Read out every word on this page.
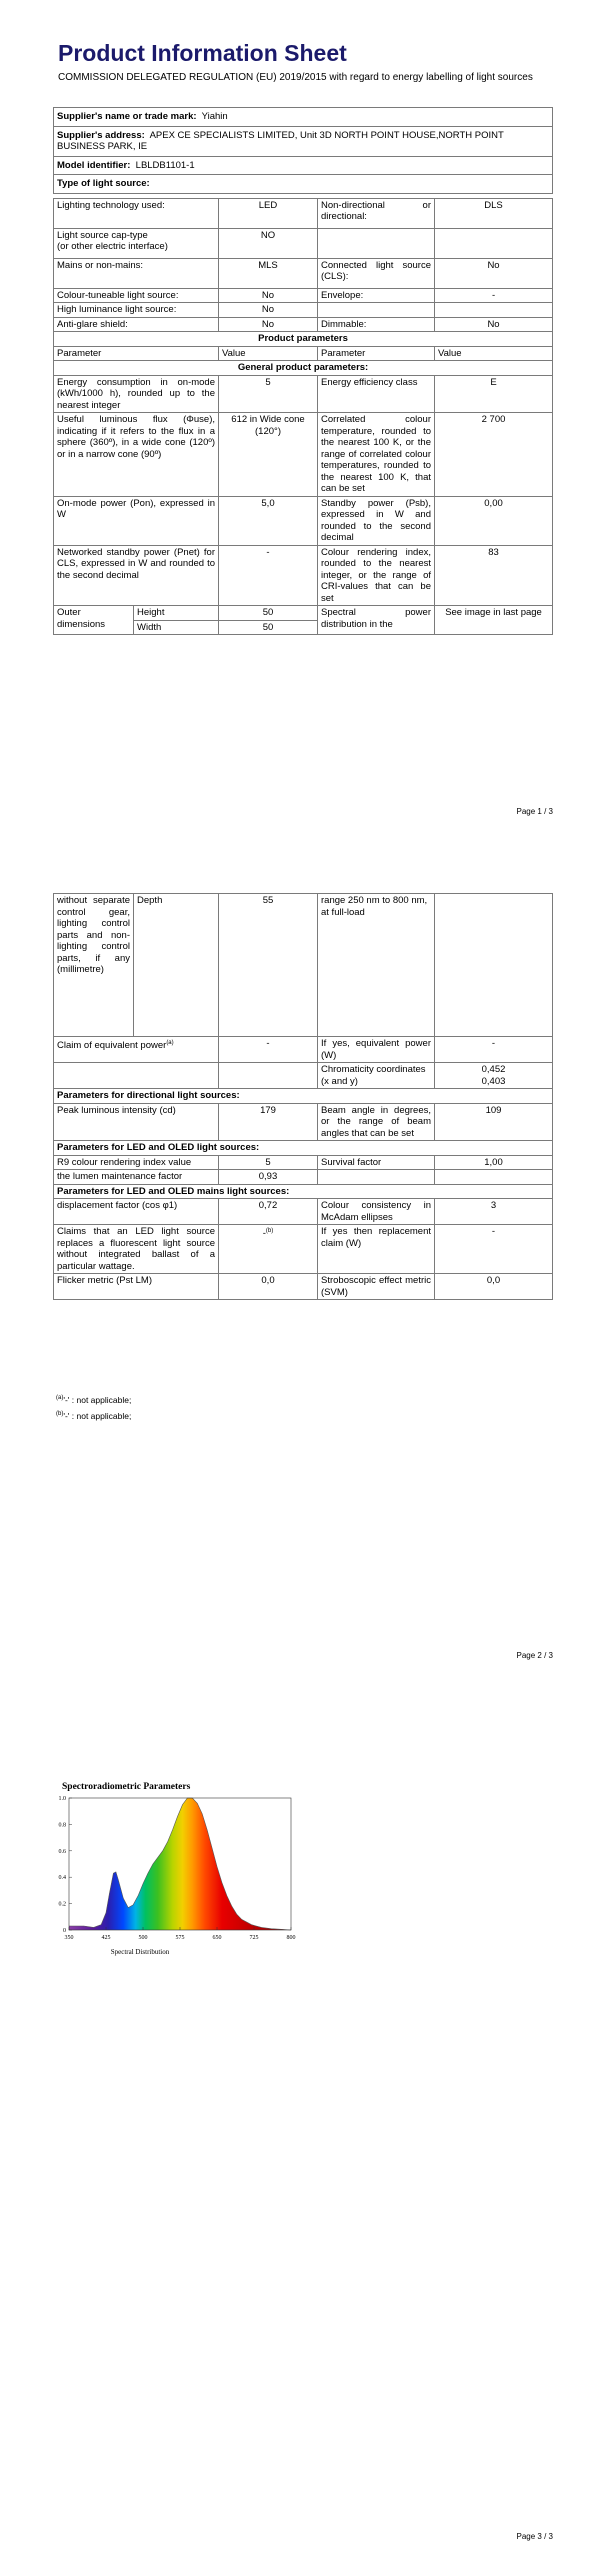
Product Information Sheet
COMMISSION DELEGATED REGULATION (EU) 2019/2015 with regard to energy labelling of light sources
Supplier's name or trade mark: Yiahin				
Supplier's address: APEX CE SPECIALISTS LIMITED, Unit 3D NORTH POINT HOUSE,NORTH POINT BUSINESS PARK, IE				
Model identifier: LBLDB1101-1				
Type of light source:				

Lighting technology used:		LED	Non-directional or directional:	DLS
Light source cap-type
(or other electric interface)		NO		
Mains or non-mains:		MLS	Connected light source (CLS):	No
Colour-tuneable light source:		No	Envelope:	-
High luminance light source:		No		
Anti-glare shield:		No	Dimmable:	No
Product parameters				
Parameter		Value	Parameter	Value
General product parameters:				
Energy consumption in on-mode (kWh/1000 h), rounded up to the nearest integer		5	Energy efficiency class	E
Useful luminous flux (Φuse), indicating if it refers to the flux in a sphere (360º), in a wide cone (120º) or in a narrow cone (90º)		612 in Wide cone (120°)	Correlated colour temperature, rounded to the nearest 100 K, or the range of correlated colour temperatures, rounded to the nearest 100 K, that can be set	2 700
On-mode power (Pon), expressed in W		5,0	Standby power (Psb), expressed in W and rounded to the second decimal	0,00
Networked standby power (Pnet) for CLS, expressed in W and rounded to the second decimal		-	Colour rendering index, rounded to the nearest integer, or the range of CRI-values that can be set	83
Outer dimensions	Height	50	Spectral power distribution in the	See image in last page
	Width	50		
Page 1 / 3
without separate control gear, lighting control parts and non-lighting control parts, if any (millimetre)	Depth	55	range 250 nm to 800 nm, at full-load	
Claim of equivalent power$^{(a)}$		-	If yes, equivalent power (W)	-
			Chromaticity coordinates (x and y)	0,452
0,403

Parameters for directional light sources:				
Peak luminous intensity (cd)		179	Beam angle in degrees, or the range of beam angles that can be set	109
Parameters for LED and OLED light sources:				
R9 colour rendering index value		5	Survival factor	1,00
the lumen maintenance factor		0,93		
Parameters for LED and OLED mains light sources:				
displacement factor (cos φ1)		0,72	Colour consistency in McAdam ellipses	3
Claims that an LED light source replaces a fluorescent light source without integrated ballast of a particular wattage.		-$^{(b)}$	If yes then replacement claim (W)	-
Flicker metric (Pst LM)		0,0	Stroboscopic effect metric (SVM)	0,0
$^{(a)}$'-' : not applicable;
$^{(b)}$'-' : not applicable;
Page 2 / 3
Spectroradiometric Parameters
350	425	500	575	650	725	800
0
0.2
0.4
0.6
0.8
1.0
Spectral Distribution
Page 3 / 3
